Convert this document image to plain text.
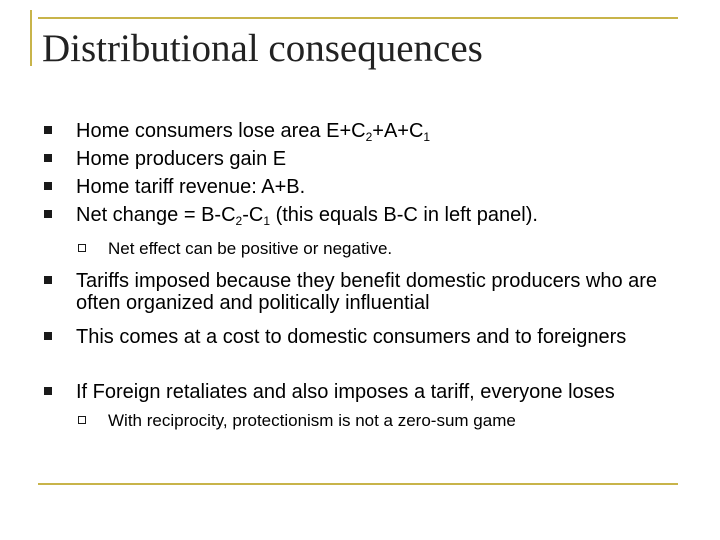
Distributional consequences
Home consumers lose area $E+C_2+A+C_1$
Home producers gain E
Home tariff revenue: A+B.
Net change = $B-C_2-C_1$ (this equals B-C in left panel).
Net effect can be positive or negative.
Tariffs imposed because they benefit domestic producers who are often organized and politically influential
This comes at a cost to domestic consumers and to foreigners
If Foreign retaliates and also imposes a tariff, everyone loses
With reciprocity, protectionism is not a zero-sum game
